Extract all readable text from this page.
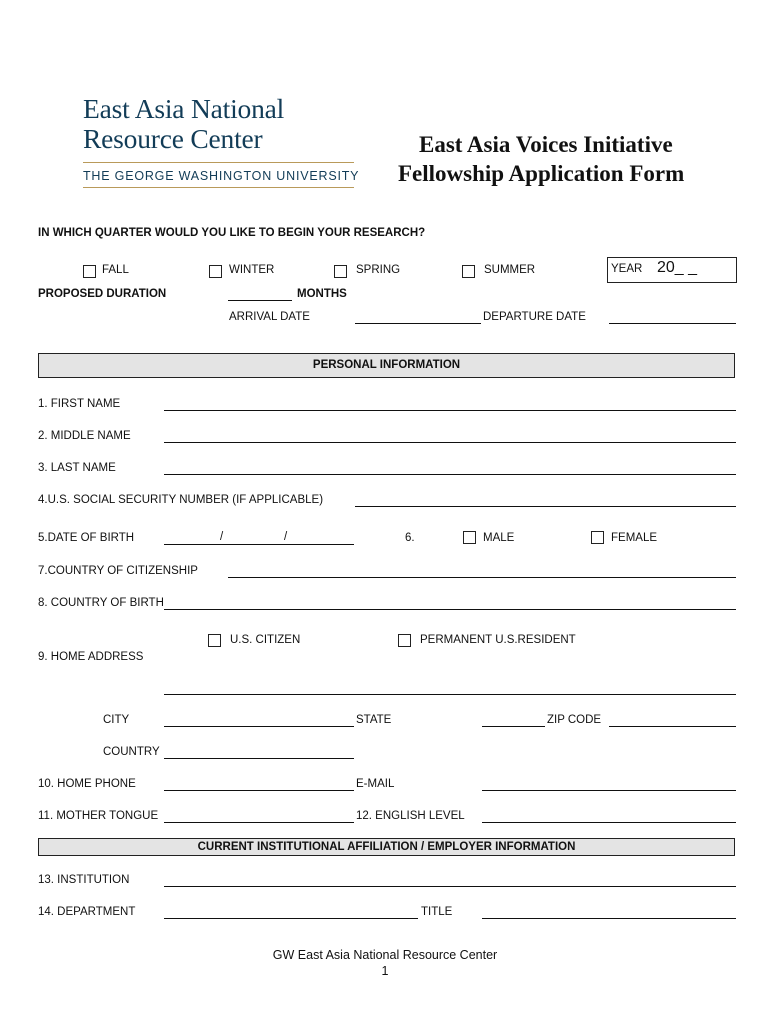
East Asia National
Resource Center
THE GEORGE WASHINGTON UNIVERSITY
East Asia Voices Initiative
Fellowship Application Form
IN WHICH QUARTER WOULD YOU LIKE TO BEGIN YOUR RESEARCH?
FALL	WINTER	SPRING	SUMMER	YEAR 20_ _
PROPOSED DURATION	MONTHS
ARRIVAL DATE	DEPARTURE DATE
PERSONAL INFORMATION
1. FIRST NAME
2. MIDDLE NAME
3. LAST NAME
4.U.S. SOCIAL SECURITY NUMBER (IF APPLICABLE)
5.DATE OF BIRTH	/	/	6.	MALE	FEMALE
7.COUNTRY OF CITIZENSHIP
8. COUNTRY OF BIRTH
U.S. CITIZEN	PERMANENT U.S.RESIDENT
9. HOME ADDRESS
CITY	STATE	ZIP CODE
COUNTRY
10. HOME PHONE	E-MAIL
11. MOTHER TONGUE	12. ENGLISH LEVEL
CURRENT INSTITUTIONAL AFFILIATION / EMPLOYER INFORMATION
13. INSTITUTION
14. DEPARTMENT	TITLE
GW East Asia National Resource Center
1
